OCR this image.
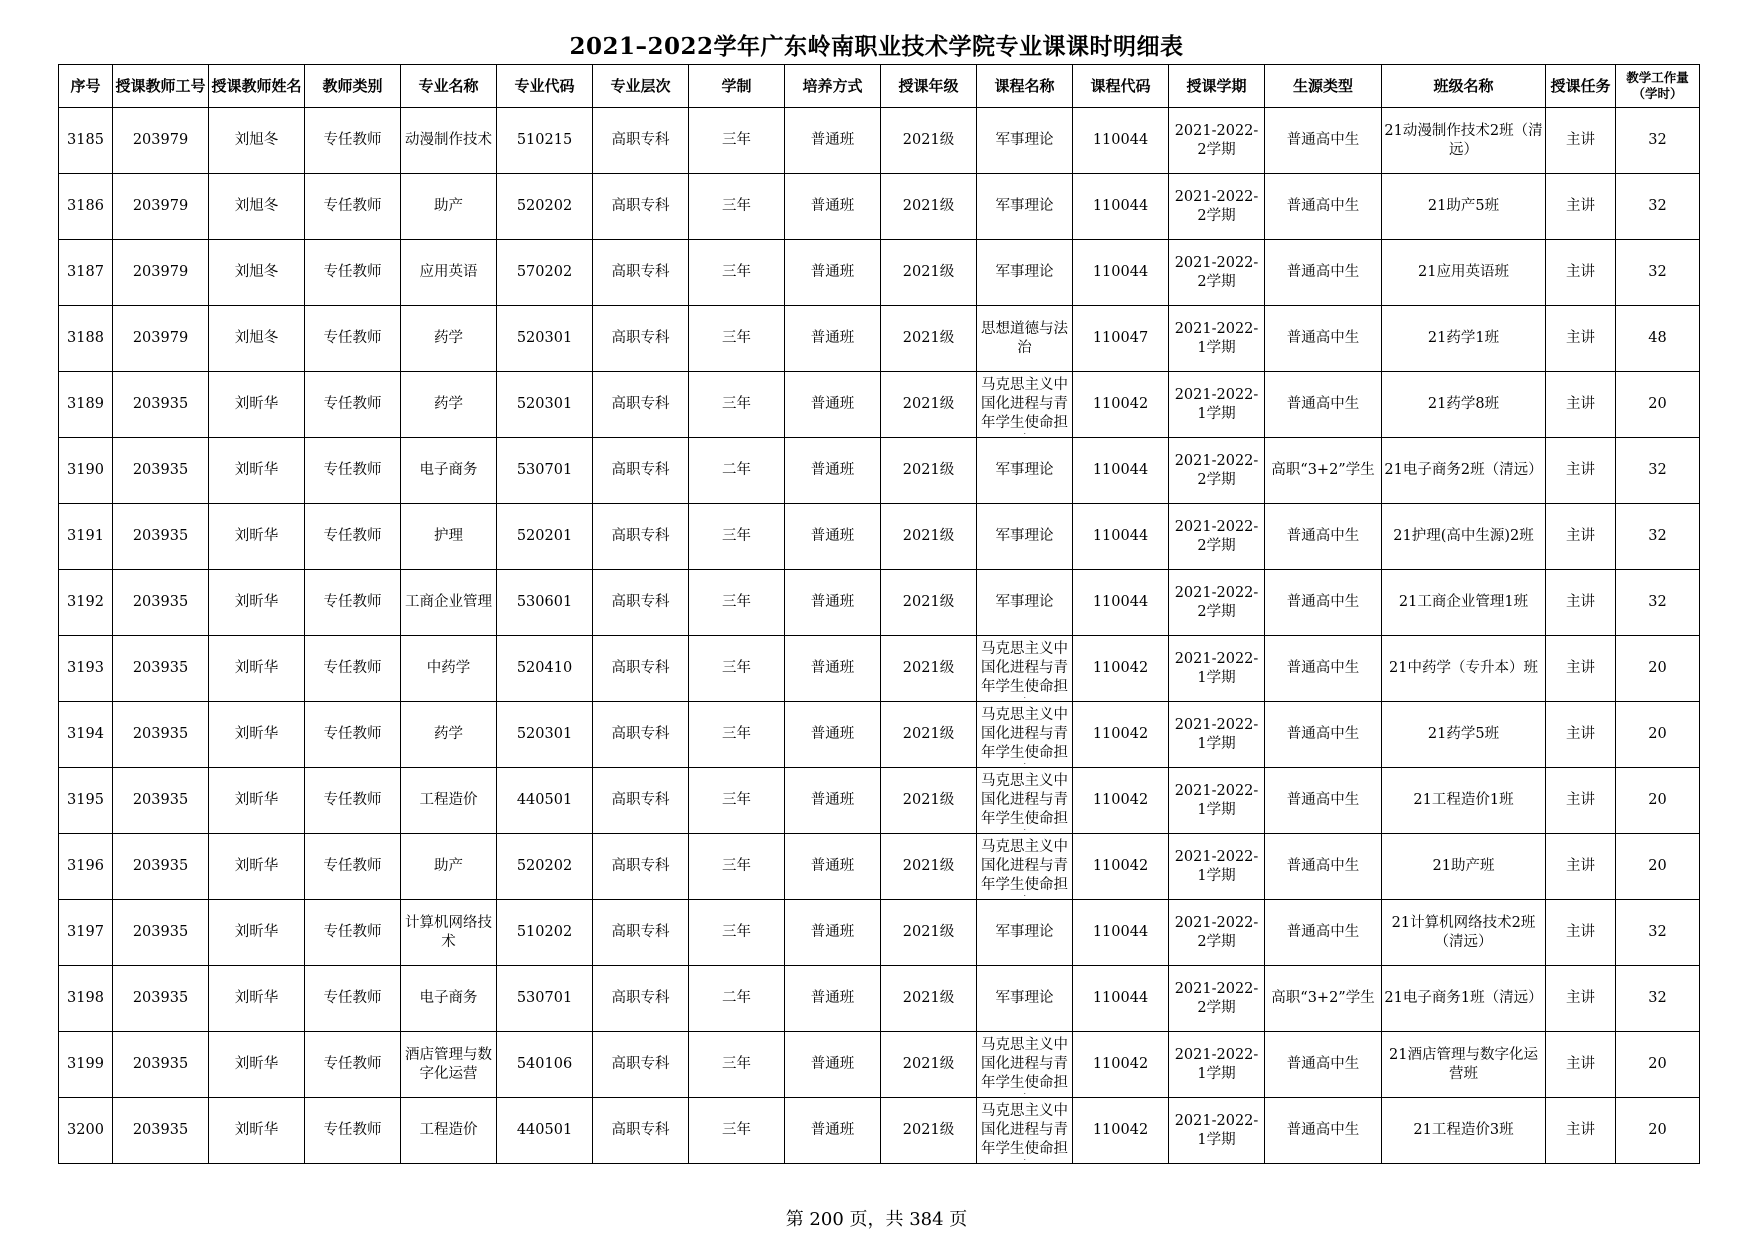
2021–2022学年广东岭南职业技术学院专业课课时明细表
序号	授课教师工号	授课教师姓名	教师类别	专业名称	专业代码	专业层次	学制	培养方式	授课年级	课程名称	课程代码	授课学期	生源类型	班级名称	授课任务	教学工作量（学时）

3185	203979	刘旭冬	专任教师	动漫制作技术	510215	高职专科	三年	普通班	2021级	军事理论	110044	2021-2022-2学期	普通高中生	21动漫制作技术2班（清远）	主讲	32

3186	203979	刘旭冬	专任教师	助产	520202	高职专科	三年	普通班	2021级	军事理论	110044	2021-2022-2学期	普通高中生	21助产5班	主讲	32

3187	203979	刘旭冬	专任教师	应用英语	570202	高职专科	三年	普通班	2021级	军事理论	110044	2021-2022-2学期	普通高中生	21应用英语班	主讲	32

3188	203979	刘旭冬	专任教师	药学	520301	高职专科	三年	普通班	2021级	思想道德与法治	110047	2021-2022-1学期	普通高中生	21药学1班	主讲	48

3189	203935	刘昕华	专任教师	药学	520301	高职专科	三年	普通班	2021级	马克思主义中国化进程与青年学生使命担	110042	2021-2022-1学期	普通高中生	21药学8班	主讲	20

3190	203935	刘昕华	专任教师	电子商务	530701	高职专科	二年	普通班	2021级	军事理论	110044	2021-2022-2学期	高职“3+2”学生	21电子商务2班（清远）	主讲	32

3191	203935	刘昕华	专任教师	护理	520201	高职专科	三年	普通班	2021级	军事理论	110044	2021-2022-2学期	普通高中生	21护理(高中生源)2班	主讲	32

3192	203935	刘昕华	专任教师	工商企业管理	530601	高职专科	三年	普通班	2021级	军事理论	110044	2021-2022-2学期	普通高中生	21工商企业管理1班	主讲	32

3193	203935	刘昕华	专任教师	中药学	520410	高职专科	三年	普通班	2021级	马克思主义中国化进程与青年学生使命担	110042	2021-2022-1学期	普通高中生	21中药学（专升本）班	主讲	20

3194	203935	刘昕华	专任教师	药学	520301	高职专科	三年	普通班	2021级	马克思主义中国化进程与青年学生使命担	110042	2021-2022-1学期	普通高中生	21药学5班	主讲	20

3195	203935	刘昕华	专任教师	工程造价	440501	高职专科	三年	普通班	2021级	马克思主义中国化进程与青年学生使命担	110042	2021-2022-1学期	普通高中生	21工程造价1班	主讲	20

3196	203935	刘昕华	专任教师	助产	520202	高职专科	三年	普通班	2021级	马克思主义中国化进程与青年学生使命担	110042	2021-2022-1学期	普通高中生	21助产班	主讲	20

3197	203935	刘昕华	专任教师	计算机网络技术	510202	高职专科	三年	普通班	2021级	军事理论	110044	2021-2022-2学期	普通高中生	21计算机网络技术2班（清远）	主讲	32

3198	203935	刘昕华	专任教师	电子商务	530701	高职专科	二年	普通班	2021级	军事理论	110044	2021-2022-2学期	高职“3+2”学生	21电子商务1班（清远）	主讲	32

3199	203935	刘昕华	专任教师	酒店管理与数字化运营	540106	高职专科	三年	普通班	2021级	马克思主义中国化进程与青年学生使命担	110042	2021-2022-1学期	普通高中生	21酒店管理与数字化运营班	主讲	20

3200	203935	刘昕华	专任教师	工程造价	440501	高职专科	三年	普通班	2021级	马克思主义中国化进程与青年学生使命担	110042	2021-2022-1学期	普通高中生	21工程造价3班	主讲	20
第 200 页，共 384 页
